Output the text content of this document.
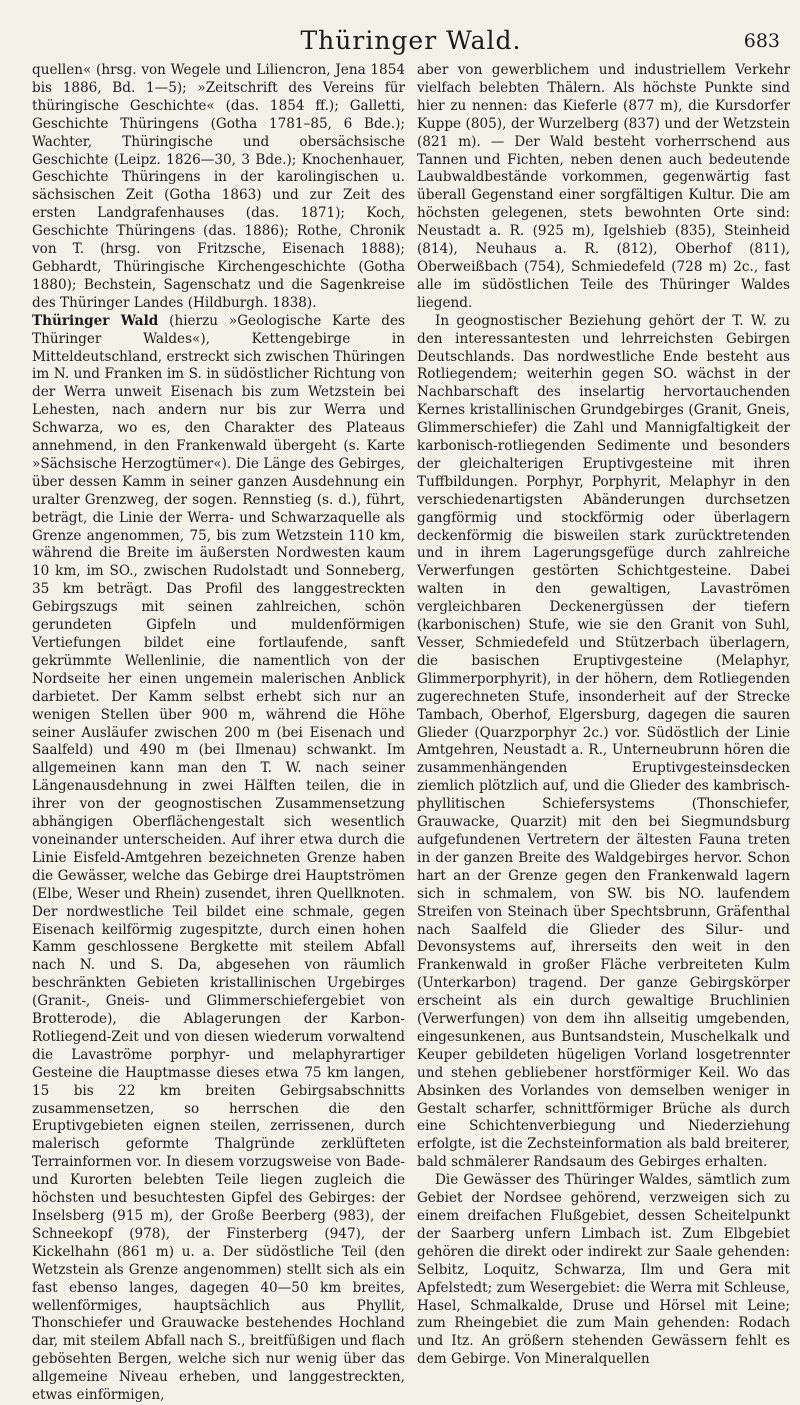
Thüringer Wald.	683

quellen« (hrsg. von Wegele und Liliencron, Jena 1854 bis 1886, Bd. 1—5); »Zeitschrift des Vereins für thüringische Geschichte« (das. 1854 ff.); Galletti, Geschichte Thüringens (Gotha 1781–85, 6 Bde.); Wachter, Thüringische und obersächsische Geschichte (Leipz. 1826—30, 3 Bde.); Knochenhauer, Geschichte Thüringens in der karolingischen u. sächsischen Zeit (Gotha 1863) und zur Zeit des ersten Landgrafenhauses (das. 1871); Koch, Geschichte Thüringens (das. 1886); Rothe, Chronik von T. (hrsg. von Fritzsche, Eisenach 1888); Gebhardt, Thüringische Kirchengeschichte (Gotha 1880); Bechstein, Sagenschatz und die Sagenkreise des Thüringer Landes (Hildburgh. 1838).

Thüringer Wald (hierzu »Geologische Karte des Thüringer Waldes«), Kettengebirge in Mitteldeutschland, erstreckt sich zwischen Thüringen im N. und Franken im S. in südöstlicher Richtung von der Werra unweit Eisenach bis zum Wetzstein bei Lehesten, nach andern nur bis zur Werra und Schwarza, wo es, den Charakter des Plateaus annehmend, in den Frankenwald übergeht (s. Karte »Sächsische Herzogtümer«). Die Länge des Gebirges, über dessen Kamm in seiner ganzen Ausdehnung ein uralter Grenzweg, der sogen. Rennstieg (s. d.), führt, beträgt, die Linie der Werra- und Schwarzaquelle als Grenze angenommen, 75, bis zum Wetzstein 110 km, während die Breite im äußersten Nordwesten kaum 10 km, im SO., zwischen Rudolstadt und Sonneberg, 35 km beträgt. Das Profil des langgestreckten Gebirgszugs mit seinen zahlreichen, schön gerundeten Gipfeln und muldenförmigen Vertiefungen bildet eine fortlaufende, sanft gekrümmte Wellenlinie, die namentlich von der Nordseite her einen ungemein malerischen Anblick darbietet. Der Kamm selbst erhebt sich nur an wenigen Stellen über 900 m, während die Höhe seiner Ausläufer zwischen 200 m (bei Eisenach und Saalfeld) und 490 m (bei Ilmenau) schwankt. Im allgemeinen kann man den T. W. nach seiner Längenausdehnung in zwei Hälften teilen, die in ihrer von der geognostischen Zusammensetzung abhängigen Oberflächengestalt sich wesentlich voneinander unterscheiden. Auf ihrer etwa durch die Linie Eisfeld-Amtgehren bezeichneten Grenze haben die Gewässer, welche das Gebirge drei Hauptströmen (Elbe, Weser und Rhein) zusendet, ihren Quellknoten. Der nordwestliche Teil bildet eine schmale, gegen Eisenach keilförmig zugespitzte, durch einen hohen Kamm geschlossene Bergkette mit steilem Abfall nach N. und S. Da, abgesehen von räumlich beschränkten Gebieten kristallinischen Urgebirges (Granit-, Gneis- und Glimmerschiefergebiet von Brotterode), die Ablagerungen der Karbon-Rotliegend-Zeit und von diesen wiederum vorwaltend die Lavaströme porphyr- und melaphyrartiger Gesteine die Hauptmasse dieses etwa 75 km langen, 15 bis 22 km breiten Gebirgsabschnitts zusammensetzen, so herrschen die den Eruptivgebieten eignen steilen, zerrissenen, durch malerisch geformte Thalgründe zerklüfteten Terrainformen vor. In diesem vorzugsweise von Bade- und Kurorten belebten Teile liegen zugleich die höchsten und besuchtesten Gipfel des Gebirges: der Inselsberg (915 m), der Große Beerberg (983), der Schneekopf (978), der Finsterberg (947), der Kickelhahn (861 m) u. a. Der südöstliche Teil (den Wetzstein als Grenze angenommen) stellt sich als ein fast ebenso langes, dagegen 40—50 km breites, wellenförmiges, hauptsächlich aus Phyllit, Thonschiefer und Grauwacke bestehendes Hochland dar, mit steilem Abfall nach S., breitfüßigen und flach gebösehten Bergen, welche sich nur wenig über das allgemeine Niveau erheben, und langgestreckten, etwas einförmigen,

aber von gewerblichem und industriellem Verkehr vielfach belebten Thälern. Als höchste Punkte sind hier zu nennen: das Kieferle (877 m), die Kursdorfer Kuppe (805), der Wurzelberg (837) und der Wetzstein (821 m). — Der Wald besteht vorherrschend aus Tannen und Fichten, neben denen auch bedeutende Laubwaldbestände vorkommen, gegenwärtig fast überall Gegenstand einer sorgfältigen Kultur. Die am höchsten gelegenen, stets bewohnten Orte sind: Neustadt a. R. (925 m), Igelshieb (835), Steinheid (814), Neuhaus a. R. (812), Oberhof (811), Oberweißbach (754), Schmiedefeld (728 m) 2c., fast alle im südöstlichen Teile des Thüringer Waldes liegend.

In geognostischer Beziehung gehört der T. W. zu den interessantesten und lehrreichsten Gebirgen Deutschlands. Das nordwestliche Ende besteht aus Rotliegendem; weiterhin gegen SO. wächst in der Nachbarschaft des inselartig hervortauchenden Kernes kristallinischen Grundgebirges (Granit, Gneis, Glimmerschiefer) die Zahl und Mannigfaltigkeit der karbonisch-rotliegenden Sedimente und besonders der gleichalterigen Eruptivgesteine mit ihren Tuffbildungen. Porphyr, Porphyrit, Melaphyr in den verschiedenartigsten Abänderungen durchsetzen gangförmig und stockförmig oder überlagern deckenförmig die bisweilen stark zurücktretenden und in ihrem Lagerungsgefüge durch zahlreiche Verwerfungen gestörten Schichtgesteine. Dabei walten in den gewaltigen, Lavaströmen vergleichbaren Deckenergüssen der tiefern (karbonischen) Stufe, wie sie den Granit von Suhl, Vesser, Schmiedefeld und Stützerbach überlagern, die basischen Eruptivgesteine (Melaphyr, Glimmerporphyrit), in der höhern, dem Rotliegenden zugerechneten Stufe, insonderheit auf der Strecke Tambach, Oberhof, Elgersburg, dagegen die sauren Glieder (Quarzporphyr 2c.) vor. Südöstlich der Linie Amtgehren, Neustadt a. R., Unterneubrunn hören die zusammenhängenden Eruptivgesteinsdecken ziemlich plötzlich auf, und die Glieder des kambrisch-phyllitischen Schiefersystems (Thonschiefer, Grauwacke, Quarzit) mit den bei Siegmundsburg aufgefundenen Vertretern der ältesten Fauna treten in der ganzen Breite des Waldgebirges hervor. Schon hart an der Grenze gegen den Frankenwald lagern sich in schmalem, von SW. bis NO. laufendem Streifen von Steinach über Spechtsbrunn, Gräfenthal nach Saalfeld die Glieder des Silur- und Devonsystems auf, ihrerseits den weit in den Frankenwald in großer Fläche verbreiteten Kulm (Unterkarbon) tragend. Der ganze Gebirgskörper erscheint als ein durch gewaltige Bruchlinien (Verwerfungen) von dem ihn allseitig umgebenden, eingesunkenen, aus Buntsandstein, Muschelkalk und Keuper gebildeten hügeligen Vorland losgetrennter und stehen gebliebener horstförmiger Keil. Wo das Absinken des Vorlandes von demselben weniger in Gestalt scharfer, schnittförmiger Brüche als durch eine Schichtenverbiegung und Niederziehung erfolgte, ist die Zechsteinformation als bald breiterer, bald schmälerer Randsaum des Gebirges erhalten.

Die Gewässer des Thüringer Waldes, sämtlich zum Gebiet der Nordsee gehörend, verzweigen sich zu einem dreifachen Flußgebiet, dessen Scheitelpunkt der Saarberg unfern Limbach ist. Zum Elbgebiet gehören die direkt oder indirekt zur Saale gehenden: Selbitz, Loquitz, Schwarza, Ilm und Gera mit Apfelstedt; zum Wesergebiet: die Werra mit Schleuse, Hasel, Schmalkalde, Druse und Hörsel mit Leine; zum Rheingebiet die zum Main gehenden: Rodach und Itz. An größern stehenden Gewässern fehlt es dem Gebirge. Von Mineralquellen
